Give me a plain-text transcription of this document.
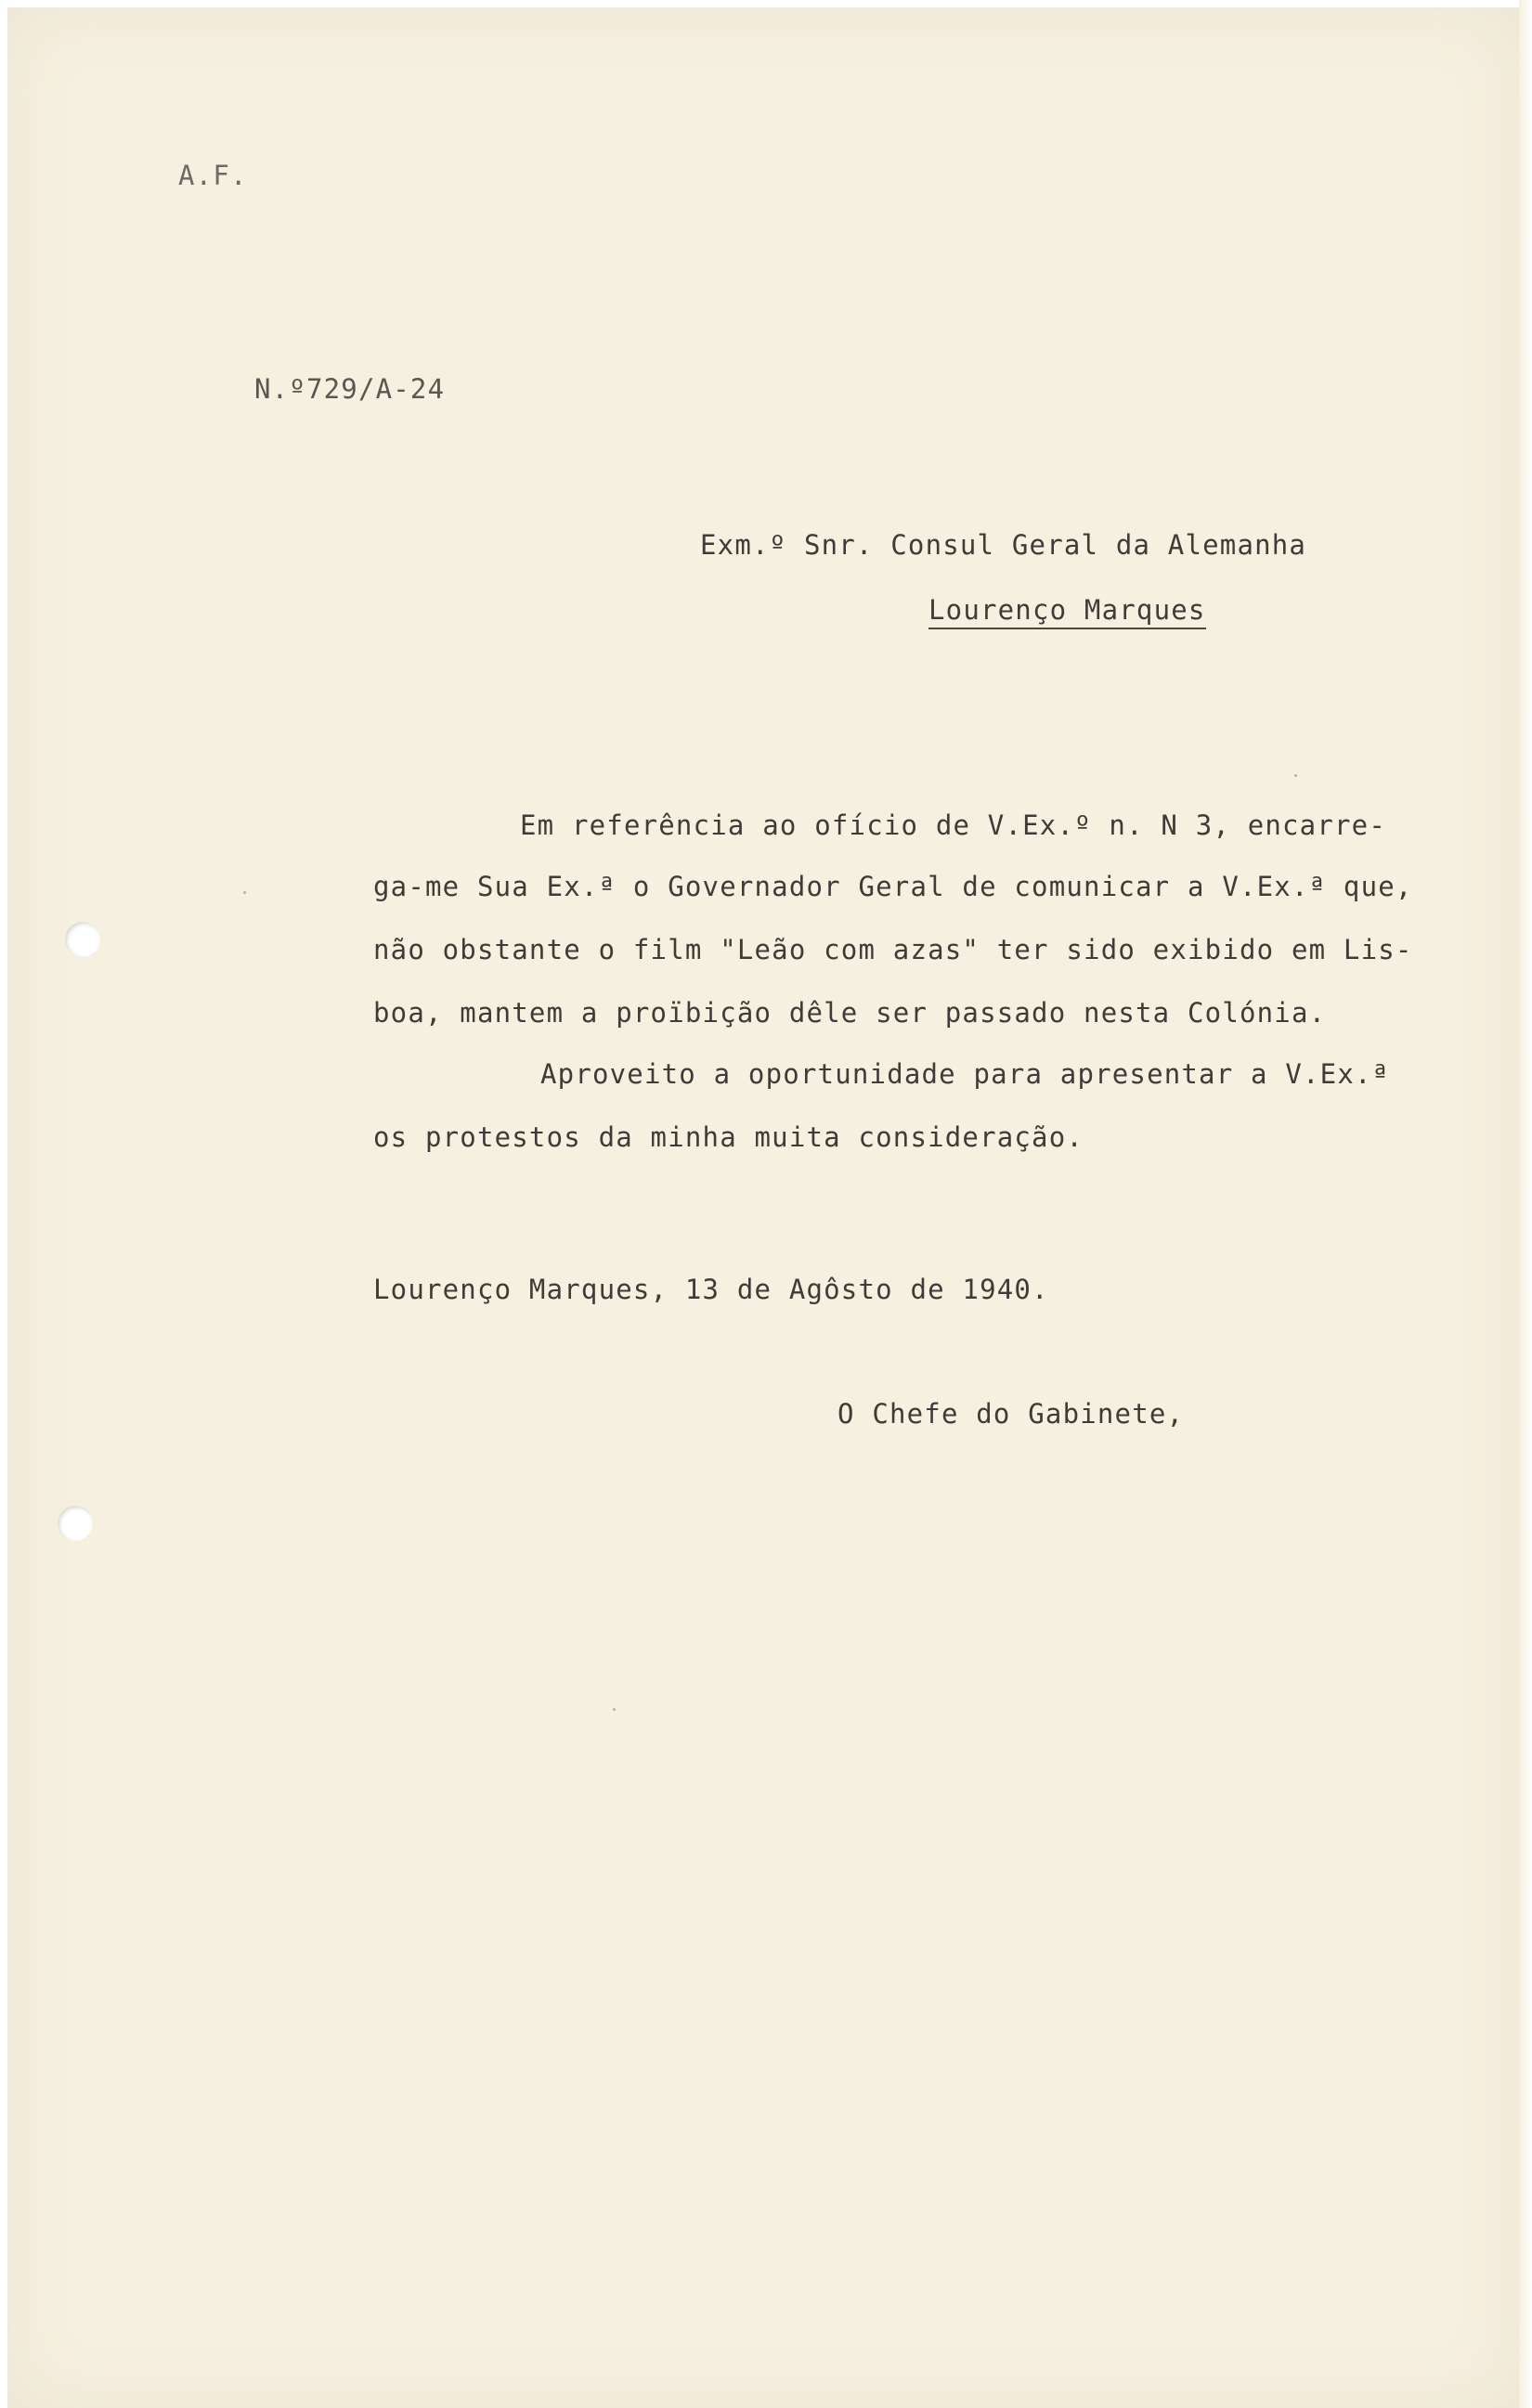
A.F.
N.º729/A-24
Exm.º Snr. Consul Geral da Alemanha
Lourenço Marques
Em referência ao ofício de V.Ex.º n. N 3, encarre-
ga-me Sua Ex.ª o Governador Geral de comunicar a V.Ex.ª que,
não obstante o film "Leão com azas" ter sido exibido em Lis-
boa, mantem a proïbição dêle ser passado nesta Colónia.
Aproveito a oportunidade para apresentar a V.Ex.ª
os protestos da minha muita consideração.
Lourenço Marques, 13 de Agôsto de 1940.
O Chefe do Gabinete,
